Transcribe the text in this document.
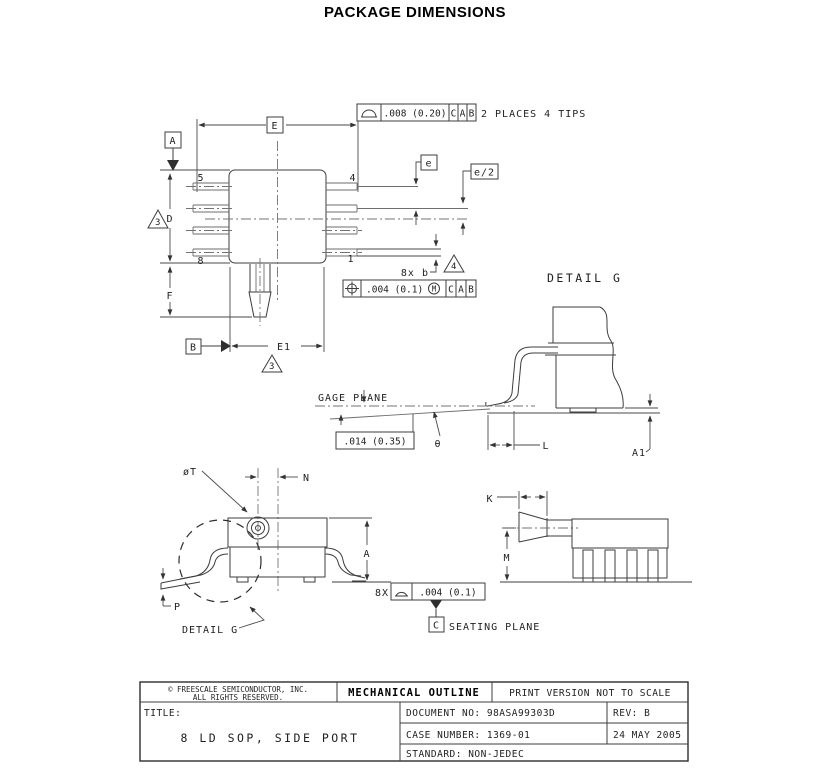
PACKAGE DIMENSIONS
.008 (0.20) C A B 2 PLACES 4 TIPS
E
A
D
3
F
5	4
8	1
e
e/2
8x b
4
.004 (0.1) M C A B
B	E1
3
DETAIL G
GAGE PLANE
.014 (0.35)	θ	L
A1
øT
N
A
P
DETAIL G
8X	.004 (0.1)
C SEATING PLANE
K
M
© FREESCALE SEMICONDUCTOR, INC.
ALL RIGHTS RESERVED.	MECHANICAL OUTLINE	PRINT VERSION NOT TO SCALE
TITLE:
8 LD SOP, SIDE PORT
DOCUMENT NO: 98ASA99303D	REV: B
CASE NUMBER: 1369-01	24 MAY 2005
STANDARD: NON-JEDEC
